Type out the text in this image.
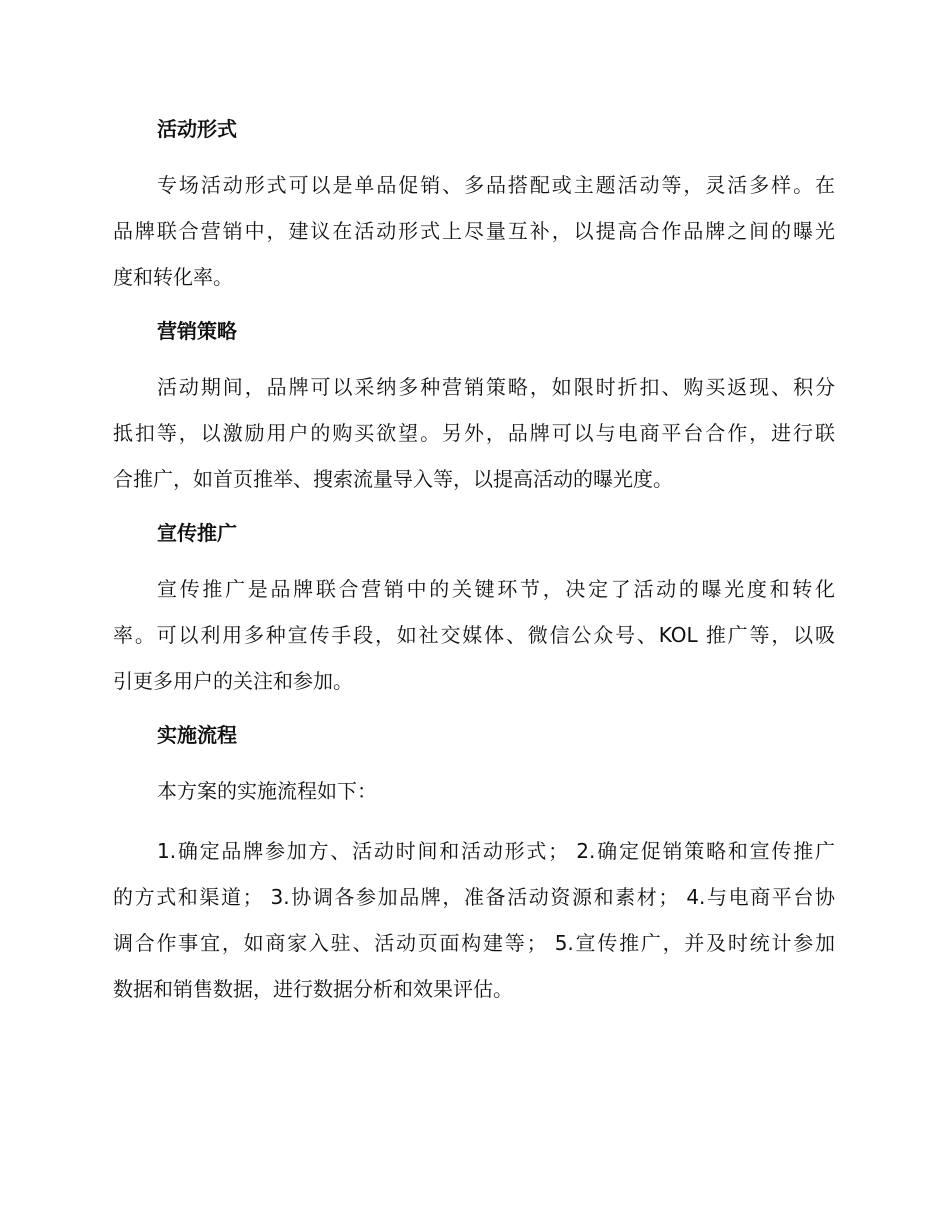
活动形式

专场活动形式可以是单品促销、多品搭配或主题活动等，灵活多样。在
品牌联合营销中，建议在活动形式上尽量互补，以提高合作品牌之间的曝光
度和转化率。

营销策略

活动期间，品牌可以采纳多种营销策略，如限时折扣、购买返现、积分
抵扣等，以激励用户的购买欲望。另外，品牌可以与电商平台合作，进行联
合推广，如首页推举、搜索流量导入等，以提高活动的曝光度。

宣传推广

宣传推广是品牌联合营销中的关键环节，决定了活动的曝光度和转化
率。可以利用多种宣传手段，如社交媒体、微信公众号、KOL 推广等，以吸
引更多用户的关注和参加。

实施流程

本方案的实施流程如下：

1.确定品牌参加方、活动时间和活动形式； 2.确定促销策略和宣传推广
的方式和渠道； 3.协调各参加品牌，准备活动资源和素材； 4.与电商平台协
调合作事宜，如商家入驻、活动页面构建等； 5.宣传推广，并及时统计参加
数据和销售数据，进行数据分析和效果评估。
